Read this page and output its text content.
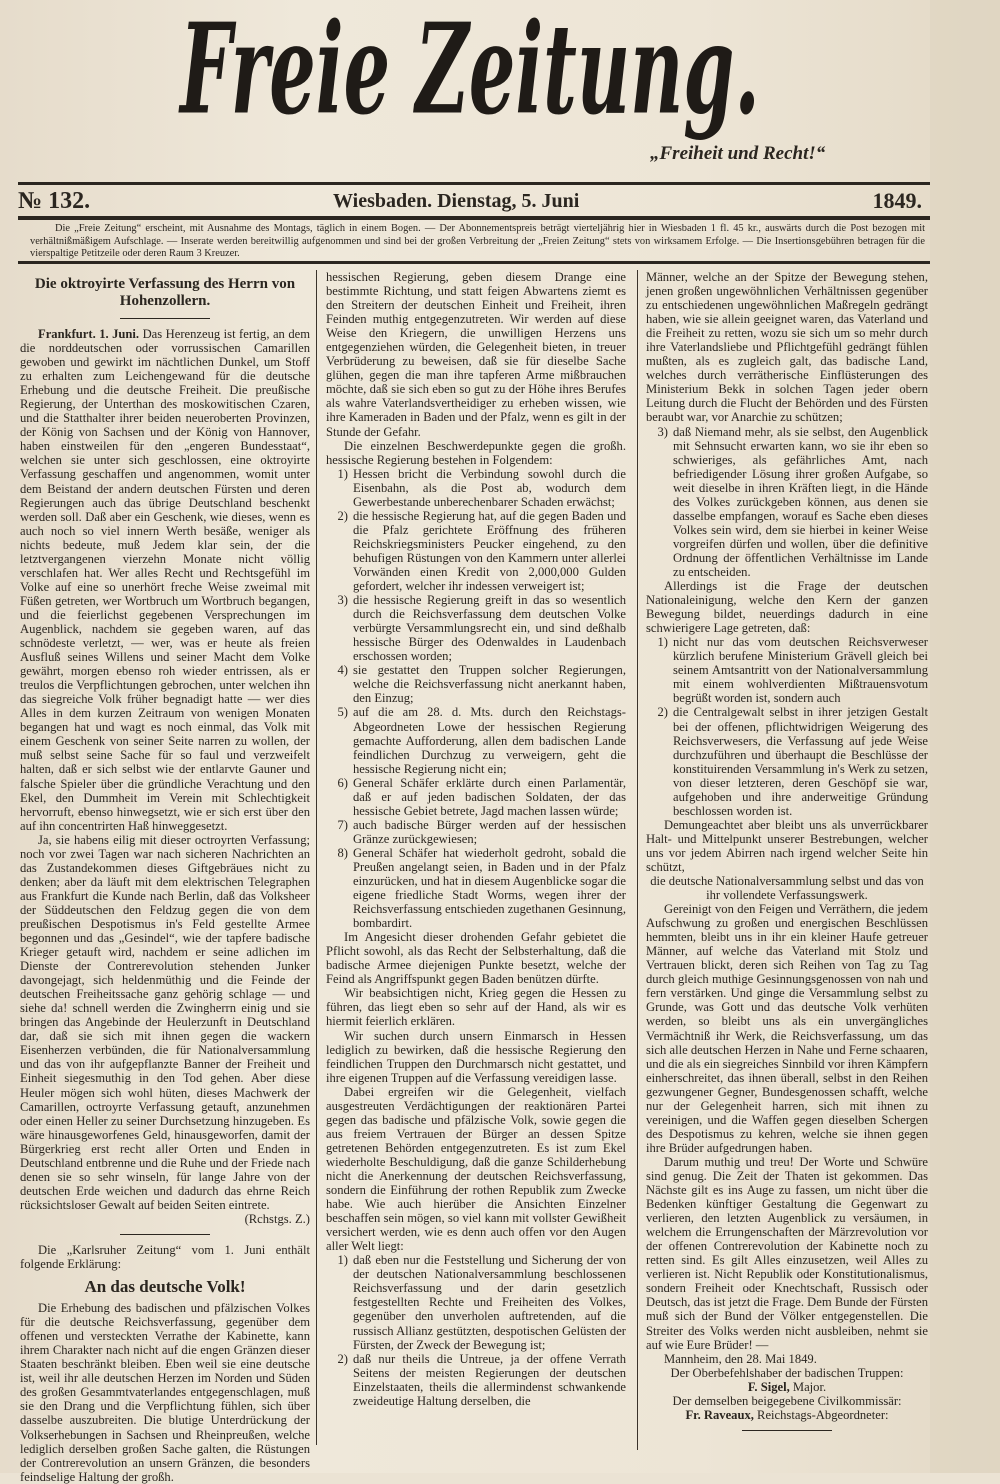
Freie Zeitung.
„Freiheit und Recht!“
№ 132.	Wiesbaden. Dienstag, 5. Juni	1849.
Die „Freie Zeitung“ erscheint, mit Ausnahme des Montags, täglich in einem Bogen. — Der Abonnementspreis beträgt vierteljährig hier in Wiesbaden 1 fl. 45 kr., auswärts durch die Post bezogen mit verhältnißmäßigem Aufschlage. — Inserate werden bereitwillig aufgenommen und sind bei der großen Verbreitung der „Freien Zeitung“ stets von wirksamem Erfolge. — Die Insertionsgebühren betragen für die vierspaltige Petitzeile oder deren Raum 3 Kreuzer.

Die oktroyirte Verfassung des Herrn von Hohenzollern.

Frankfurt. 1. Juni. Das Herenzeug ist fertig, an dem die norddeutschen oder vorrussischen Camarillen gewoben und gewirkt im nächtlichen Dunkel, um Stoff zu erhalten zum Leichengewand für die deutsche Erhebung und die deutsche Freiheit. Die preußische Regierung, der Unterthan des moskowitischen Czaren, und die Statthalter ihrer beiden neueroberten Provinzen, der König von Sachsen und der König von Hannover, haben einstweilen für den „engeren Bundesstaat“, welchen sie unter sich geschlossen, eine oktroyirte Verfassung geschaffen und angenommen, womit unter dem Beistand der andern deutschen Fürsten und deren Regierungen auch das übrige Deutschland beschenkt werden soll. Daß aber ein Geschenk, wie dieses, wenn es auch noch so viel innern Werth besäße, weniger als nichts bedeute, muß Jedem klar sein, der die letztvergangenen vierzehn Monate nicht völlig verschlafen hat. Wer alles Recht und Rechtsgefühl im Volke auf eine so unerhört freche Weise zweimal mit Füßen getreten, wer Wortbruch um Wortbruch begangen, und die feierlichst gegebenen Versprechungen im Augenblick, nachdem sie gegeben waren, auf das schnödeste verletzt, — wer, was er heute als freien Ausfluß seines Willens und seiner Macht dem Volke gewährt, morgen ebenso roh wieder entrissen, als er treulos die Verpflichtungen gebrochen, unter welchen ihn das siegreiche Volk früher begnadigt hatte — wer dies Alles in dem kurzen Zeitraum von wenigen Monaten begangen hat und wagt es noch einmal, das Volk mit einem Geschenk von seiner Seite narren zu wollen, der muß selbst seine Sache für so faul und verzweifelt halten, daß er sich selbst wie der entlarvte Gauner und falsche Spieler über die gründliche Verachtung und den Ekel, den Dummheit im Verein mit Schlechtigkeit hervorruft, ebenso hinwegsetzt, wie er sich erst über den auf ihn concentrirten Haß hinweggesetzt.

Ja, sie habens eilig mit dieser octroyrten Verfassung; noch vor zwei Tagen war nach sicheren Nachrichten an das Zustandekommen dieses Giftgebräues nicht zu denken; aber da läuft mit dem elektrischen Telegraphen aus Frankfurt die Kunde nach Berlin, daß das Volksheer der Süddeutschen den Feldzug gegen die von dem preußischen Despotismus in's Feld gestellte Armee begonnen und das „Gesindel“, wie der tapfere badische Krieger getauft wird, nachdem er seine adlichen im Dienste der Contrerevolution stehenden Junker davongejagt, sich heldenmüthig und die Feinde der deutschen Freiheitssache ganz gehörig schlage — und siehe da! schnell werden die Zwingherrn einig und sie bringen das Angebinde der Heulerzunft in Deutschland dar, daß sie sich mit ihnen gegen die wackern Eisenherzen verbünden, die für Nationalversammlung und das von ihr aufgepflanzte Banner der Freiheit und Einheit siegesmuthig in den Tod gehen. Aber diese Heuler mögen sich wohl hüten, dieses Machwerk der Camarillen, octroyrte Verfassung getauft, anzunehmen oder einen Heller zu seiner Durchsetzung hinzugeben. Es wäre hinausgeworfenes Geld, hinausgeworfen, damit der Bürgerkrieg erst recht aller Orten und Enden in Deutschland entbrenne und die Ruhe und der Friede nach denen sie so sehr winseln, für lange Jahre von der deutschen Erde weichen und dadurch das ehrne Reich rücksichtsloser Gewalt auf beiden Seiten eintrete.

(Rchstgs. Z.)

Die „Karlsruher Zeitung“ vom 1. Juni enthält folgende Erklärung:

An das deutsche Volk!

Die Erhebung des badischen und pfälzischen Volkes für die deutsche Reichsverfassung, gegenüber dem offenen und versteckten Verrathe der Kabinette, kann ihrem Charakter nach nicht auf die engen Gränzen dieser Staaten beschränkt bleiben. Eben weil sie eine deutsche ist, weil ihr alle deutschen Herzen im Norden und Süden des großen Gesammtvaterlandes entgegenschlagen, muß sie den Drang und die Verpflichtung fühlen, sich über dasselbe auszubreiten. Die blutige Unterdrückung der Volkserhebungen in Sachsen und Rheinpreußen, welche lediglich derselben großen Sache galten, die Rüstungen der Contrerevolution an unsern Gränzen, die besonders feindselige Haltung der großh.

hessischen Regierung, geben diesem Drange eine bestimmte Richtung, und statt feigen Abwartens ziemt es den Streitern der deutschen Einheit und Freiheit, ihren Feinden muthig entgegenzutreten. Wir werden auf diese Weise den Kriegern, die unwilligen Herzens uns entgegenziehen würden, die Gelegenheit bieten, in treuer Verbrüderung zu beweisen, daß sie für dieselbe Sache glühen, gegen die man ihre tapferen Arme mißbrauchen möchte, daß sie sich eben so gut zu der Höhe ihres Berufes als wahre Vaterlandsvertheidiger zu erheben wissen, wie ihre Kameraden in Baden und der Pfalz, wenn es gilt in der Stunde der Gefahr.

Die einzelnen Beschwerdepunkte gegen die großh. hessische Regierung bestehen in Folgendem:

1) Hessen bricht die Verbindung sowohl durch die Eisenbahn, als die Post ab, wodurch dem Gewerbestande unberechenbarer Schaden erwächst;
2) die hessische Regierung hat, auf die gegen Baden und die Pfalz gerichtete Eröffnung des früheren Reichskriegsministers Peucker eingehend, zu den behufigen Rüstungen von den Kammern unter allerlei Vorwänden einen Kredit von 2,000,000 Gulden gefordert, welcher ihr indessen verweigert ist;
3) die hessische Regierung greift in das so wesentlich durch die Reichsverfassung dem deutschen Volke verbürgte Versammlungsrecht ein, und sind deßhalb hessische Bürger des Odenwaldes in Laudenbach erschossen worden;
4) sie gestattet den Truppen solcher Regierungen, welche die Reichsverfassung nicht anerkannt haben, den Einzug;
5) auf die am 28. d. Mts. durch den Reichstags-Abgeordneten Lowe der hessischen Regierung gemachte Aufforderung, allen dem badischen Lande feindlichen Durchzug zu verweigern, geht die hessische Regierung nicht ein;
6) General Schäfer erklärte durch einen Parlamentär, daß er auf jeden badischen Soldaten, der das hessische Gebiet betrete, Jagd machen lassen würde;
7) auch badische Bürger werden auf der hessischen Gränze zurückgewiesen;
8) General Schäfer hat wiederholt gedroht, sobald die Preußen angelangt seien, in Baden und in der Pfalz einzurücken, und hat in diesem Augenblicke sogar die eigene friedliche Stadt Worms, wegen ihrer der Reichsverfassung entschieden zugethanen Gesinnung, bombardirt.

Im Angesicht dieser drohenden Gefahr gebietet die Pflicht sowohl, als das Recht der Selbsterhaltung, daß die badische Armee diejenigen Punkte besetzt, welche der Feind als Angriffspunkt gegen Baden benützen dürfte.

Wir beabsichtigen nicht, Krieg gegen die Hessen zu führen, das liegt eben so sehr auf der Hand, als wir es hiermit feierlich erklären.

Wir suchen durch unsern Einmarsch in Hessen lediglich zu bewirken, daß die hessische Regierung den feindlichen Truppen den Durchmarsch nicht gestattet, und ihre eigenen Truppen auf die Verfassung vereidigen lasse.

Dabei ergreifen wir die Gelegenheit, vielfach ausgestreuten Verdächtigungen der reaktionären Partei gegen das badische und pfälzische Volk, sowie gegen die aus freiem Vertrauen der Bürger an dessen Spitze getretenen Behörden entgegenzutreten. Es ist zum Ekel wiederholte Beschuldigung, daß die ganze Schilderhebung nicht die Anerkennung der deutschen Reichsverfassung, sondern die Einführung der rothen Republik zum Zwecke habe. Wie auch hierüber die Ansichten Einzelner beschaffen sein mögen, so viel kann mit vollster Gewißheit versichert werden, wie es denn auch offen vor den Augen aller Welt liegt:

1) daß eben nur die Feststellung und Sicherung der von der deutschen Nationalversammlung beschlossenen Reichsverfassung und der darin gesetzlich festgestellten Rechte und Freiheiten des Volkes, gegenüber den unverholen auftretenden, auf die russisch Allianz gestützten, despotischen Gelüsten der Fürsten, der Zweck der Bewegung ist;
2) daß nur theils die Untreue, ja der offene Verrath Seitens der meisten Regierungen der deutschen Einzelstaaten, theils die allermindenst schwankende zweideutige Haltung derselben, die

Männer, welche an der Spitze der Bewegung stehen, jenen großen ungewöhnlichen Verhältnissen gegenüber zu entschiedenen ungewöhnlichen Maßregeln gedrängt haben, wie sie allein geeignet waren, das Vaterland und die Freiheit zu retten, wozu sie sich um so mehr durch ihre Vaterlandsliebe und Pflichtgefühl gedrängt fühlen mußten, als es zugleich galt, das badische Land, welches durch verrätherische Einflüsterungen des Ministerium Bekk in solchen Tagen jeder obern Leitung durch die Flucht der Behörden und des Fürsten beraubt war, vor Anarchie zu schützen;

3) daß Niemand mehr, als sie selbst, den Augenblick mit Sehnsucht erwarten kann, wo sie ihr eben so schwieriges, als gefährliches Amt, nach befriedigender Lösung ihrer großen Aufgabe, so weit dieselbe in ihren Kräften liegt, in die Hände des Volkes zurückgeben können, aus denen sie dasselbe empfangen, worauf es Sache eben dieses Volkes sein wird, dem sie hierbei in keiner Weise vorgreifen dürfen und wollen, über die definitive Ordnung der öffentlichen Verhältnisse im Lande zu entscheiden.

Allerdings ist die Frage der deutschen Nationaleinigung, welche den Kern der ganzen Bewegung bildet, neuerdings dadurch in eine schwierigere Lage getreten, daß:

1) nicht nur das vom deutschen Reichsverweser kürzlich berufene Ministerium Grävell gleich bei seinem Amtsantritt von der Nationalversammlung mit einem wohlverdienten Mißtrauensvotum begrüßt worden ist, sondern auch
2) die Centralgewalt selbst in ihrer jetzigen Gestalt bei der offenen, pflichtwidrigen Weigerung des Reichsverwesers, die Verfassung auf jede Weise durchzuführen und überhaupt die Beschlüsse der konstituirenden Versammlung in's Werk zu setzen, von dieser letzteren, deren Geschöpf sie war, aufgehoben und ihre anderweitige Gründung beschlossen worden ist.

Demungeachtet aber bleibt uns als unverrückbarer Halt- und Mittelpunkt unserer Bestrebungen, welcher uns vor jedem Abirren nach irgend welcher Seite hin schützt,

die deutsche Nationalversammlung selbst und das von ihr vollendete Verfassungswerk.

Gereinigt von den Feigen und Verräthern, die jedem Aufschwung zu großen und energischen Beschlüssen hemmten, bleibt uns in ihr ein kleiner Haufe getreuer Männer, auf welche das Vaterland mit Stolz und Vertrauen blickt, deren sich Reihen von Tag zu Tag durch gleich muthige Gesinnungsgenossen von nah und fern verstärken. Und ginge die Versammlung selbst zu Grunde, was Gott und das deutsche Volk verhüten werden, so bleibt uns als ein unvergängliches Vermächtniß ihr Werk, die Reichsverfassung, um das sich alle deutschen Herzen in Nahe und Ferne schaaren, und die als ein siegreiches Sinnbild vor ihren Kämpfern einherschreitet, das ihnen überall, selbst in den Reihen gezwungener Gegner, Bundesgenossen schafft, welche nur der Gelegenheit harren, sich mit ihnen zu vereinigen, und die Waffen gegen dieselben Schergen des Despotismus zu kehren, welche sie ihnen gegen ihre Brüder aufgedrungen haben.

Darum muthig und treu! Der Worte und Schwüre sind genug. Die Zeit der Thaten ist gekommen. Das Nächste gilt es ins Auge zu fassen, um nicht über die Bedenken künftiger Gestaltung die Gegenwart zu verlieren, den letzten Augenblick zu versäumen, in welchem die Errungenschaften der Märzrevolution vor der offenen Contrerevolution der Kabinette noch zu retten sind. Es gilt Alles einzusetzen, weil Alles zu verlieren ist. Nicht Republik oder Konstitutionalismus, sondern Freiheit oder Knechtschaft, Russisch oder Deutsch, das ist jetzt die Frage. Dem Bunde der Fürsten muß sich der Bund der Völker entgegenstellen. Die Streiter des Volks werden nicht ausbleiben, nehmt sie auf wie Eure Brüder! —

Mannheim, den 28. Mai 1849.

Der Oberbefehlshaber der badischen Truppen:

F. Sigel, Major.

Der demselben beigegebene Civilkommissär:

Fr. Raveaux, Reichstags-Abgeordneter:
